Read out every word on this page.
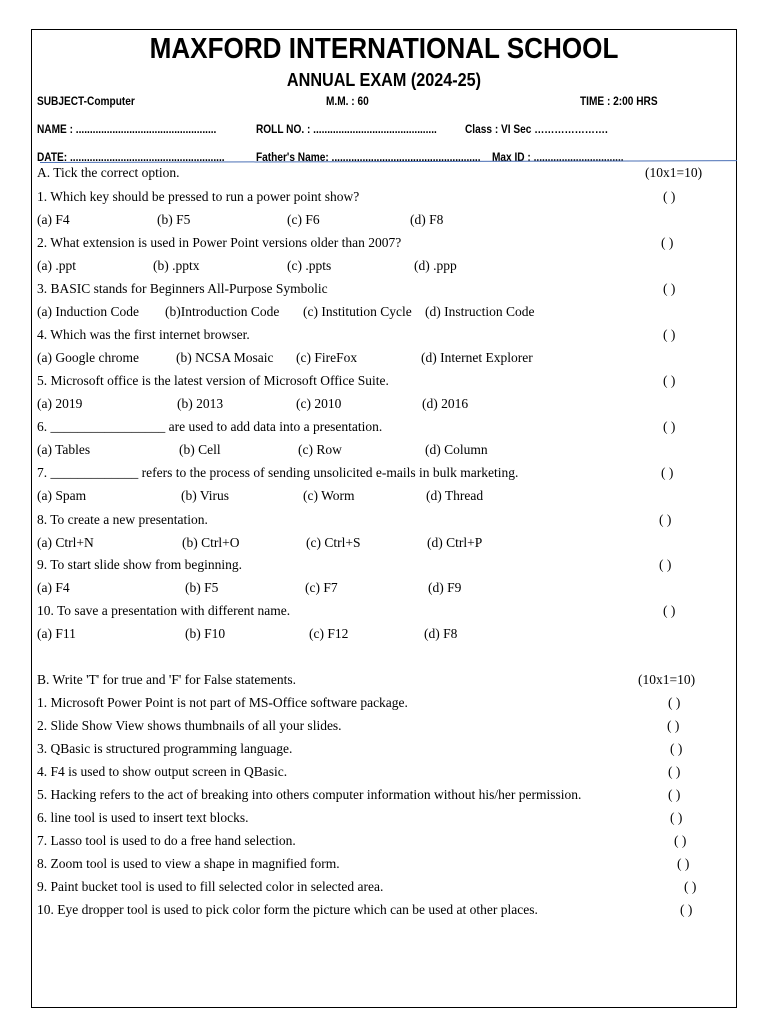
MAXFORD INTERNATIONAL SCHOOL
ANNUAL EXAM (2024-25)
SUBJECT-Computer	M.M. : 60	TIME : 2:00 HRS
NAME : ..................................................	ROLL NO. : ............................................ Class : VI Sec ………………….
DATE: .......................................................	Father's Name: ..................................................... Max ID : ................................
A. Tick the correct option.	(10x1=10)
1. Which key should be pressed to run a power point show?	( )
(a) F4	(b) F5	(c) F6	(d) F8
2. What extension is used in Power Point versions older than 2007?	( )
(a) .ppt	(b) .pptx	(c) .ppts	(d) .ppp
3. BASIC stands for Beginners All-Purpose Symbolic	( )
(a) Induction Code (b)Introduction Code (c) Institution Cycle (d) Instruction Code
4. Which was the first internet browser.	( )
(a) Google chrome	(b) NCSA Mosaic (c) FireFox	(d) Internet Explorer
5. Microsoft office is the latest version of Microsoft Office Suite.	( )
(a) 2019	(b) 2013	(c) 2010	(d) 2016
6. _________________ are used to add data into a presentation.	( )
(a) Tables	(b) Cell	(c) Row	(d) Column
7. _____________ refers to the process of sending unsolicited e-mails in bulk marketing.	( )
(a) Spam	(b) Virus	(c) Worm	(d) Thread
8. To create a new presentation.	( )
(a) Ctrl+N	(b) Ctrl+O	(c) Ctrl+S	(d) Ctrl+P
9. To start slide show from beginning.	( )
(a) F4	(b) F5	(c) F7	(d) F9
10. To save a presentation with different name.	( )
(a) F11	(b) F10	(c) F12	(d) F8
B. Write 'T' for true and 'F' for False statements.	(10x1=10)
1. Microsoft Power Point is not part of MS-Office software package.	( )
2. Slide Show View shows thumbnails of all your slides.	( )
3. QBasic is structured programming language.	( )
4. F4 is used to show output screen in QBasic.	( )
5. Hacking refers to the act of breaking into others computer information without his/her permission.	( )
6. line tool is used to insert text blocks.	( )
7. Lasso tool is used to do a free hand selection.	( )
8. Zoom tool is used to view a shape in magnified form.	( )
9. Paint bucket tool is used to fill selected color in selected area.	( )
10. Eye dropper tool is used to pick color form the picture which can be used at other places.	( )
